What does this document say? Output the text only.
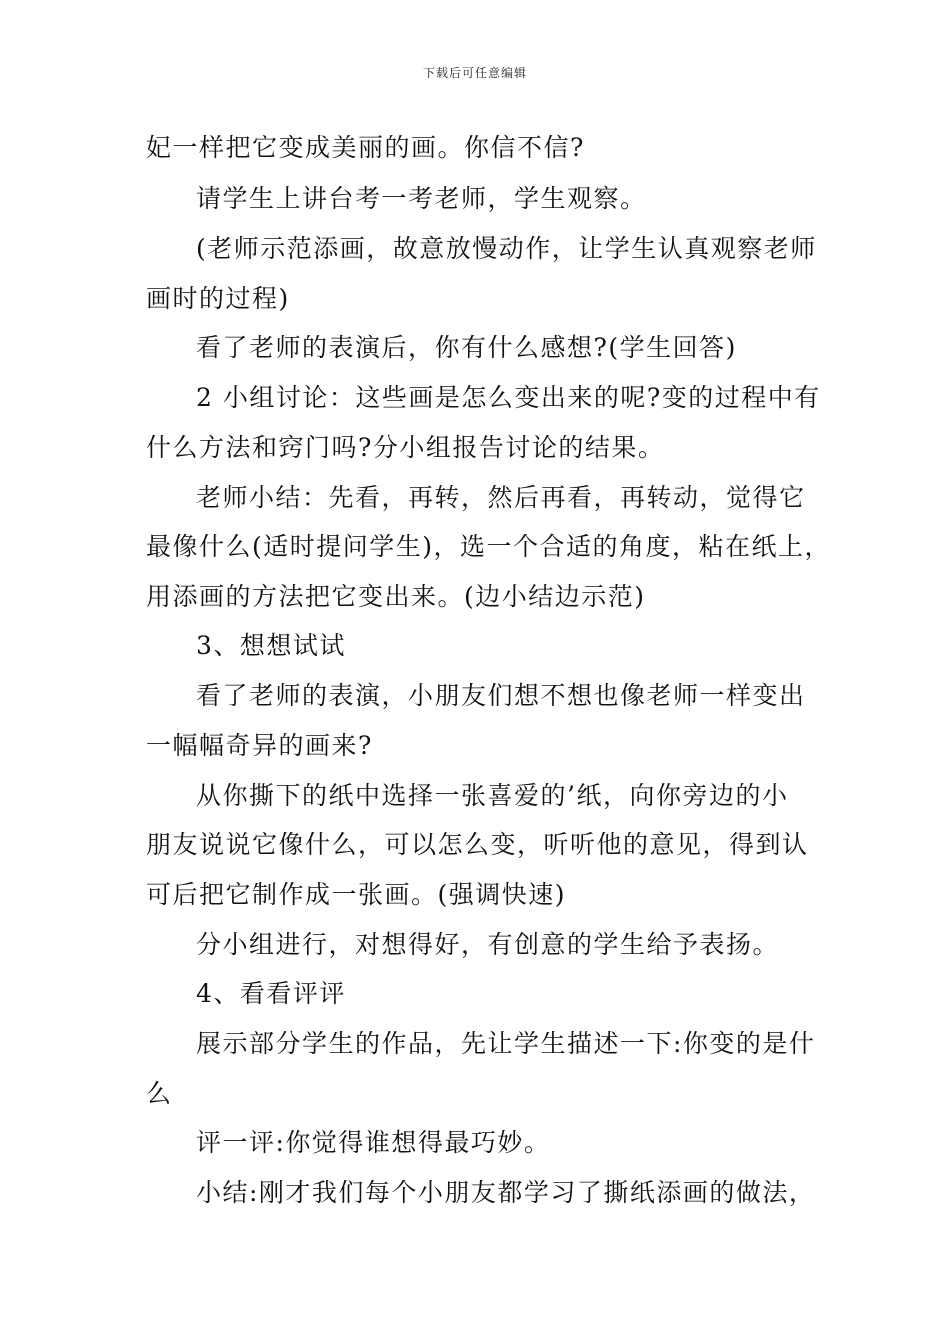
下载后可任意编辑
妃一样把它变成美丽的画。你信不信?
请学生上讲台考一考老师，学生观察。
(老师示范添画，故意放慢动作，让学生认真观察老师
画时的过程)
看了老师的表演后，你有什么感想?(学生回答)
2 小组讨论：这些画是怎么变出来的呢?变的过程中有
什么方法和窍门吗?分小组报告讨论的结果。
老师小结：先看，再转，然后再看，再转动，觉得它
最像什么(适时提问学生)，选一个合适的角度，粘在纸上，
用添画的方法把它变出来。(边小结边示范)
3、想想试试
看了老师的表演，小朋友们想不想也像老师一样变出
一幅幅奇异的画来?
从你撕下的纸中选择一张喜爱的’纸，向你旁边的小
朋友说说它像什么，可以怎么变，听听他的意见，得到认
可后把它制作成一张画。(强调快速)
分小组进行，对想得好，有创意的学生给予表扬。
4、看看评评
展示部分学生的作品，先让学生描述一下:你变的是什
么
评一评:你觉得谁想得最巧妙。
小结:刚才我们每个小朋友都学习了撕纸添画的做法，
